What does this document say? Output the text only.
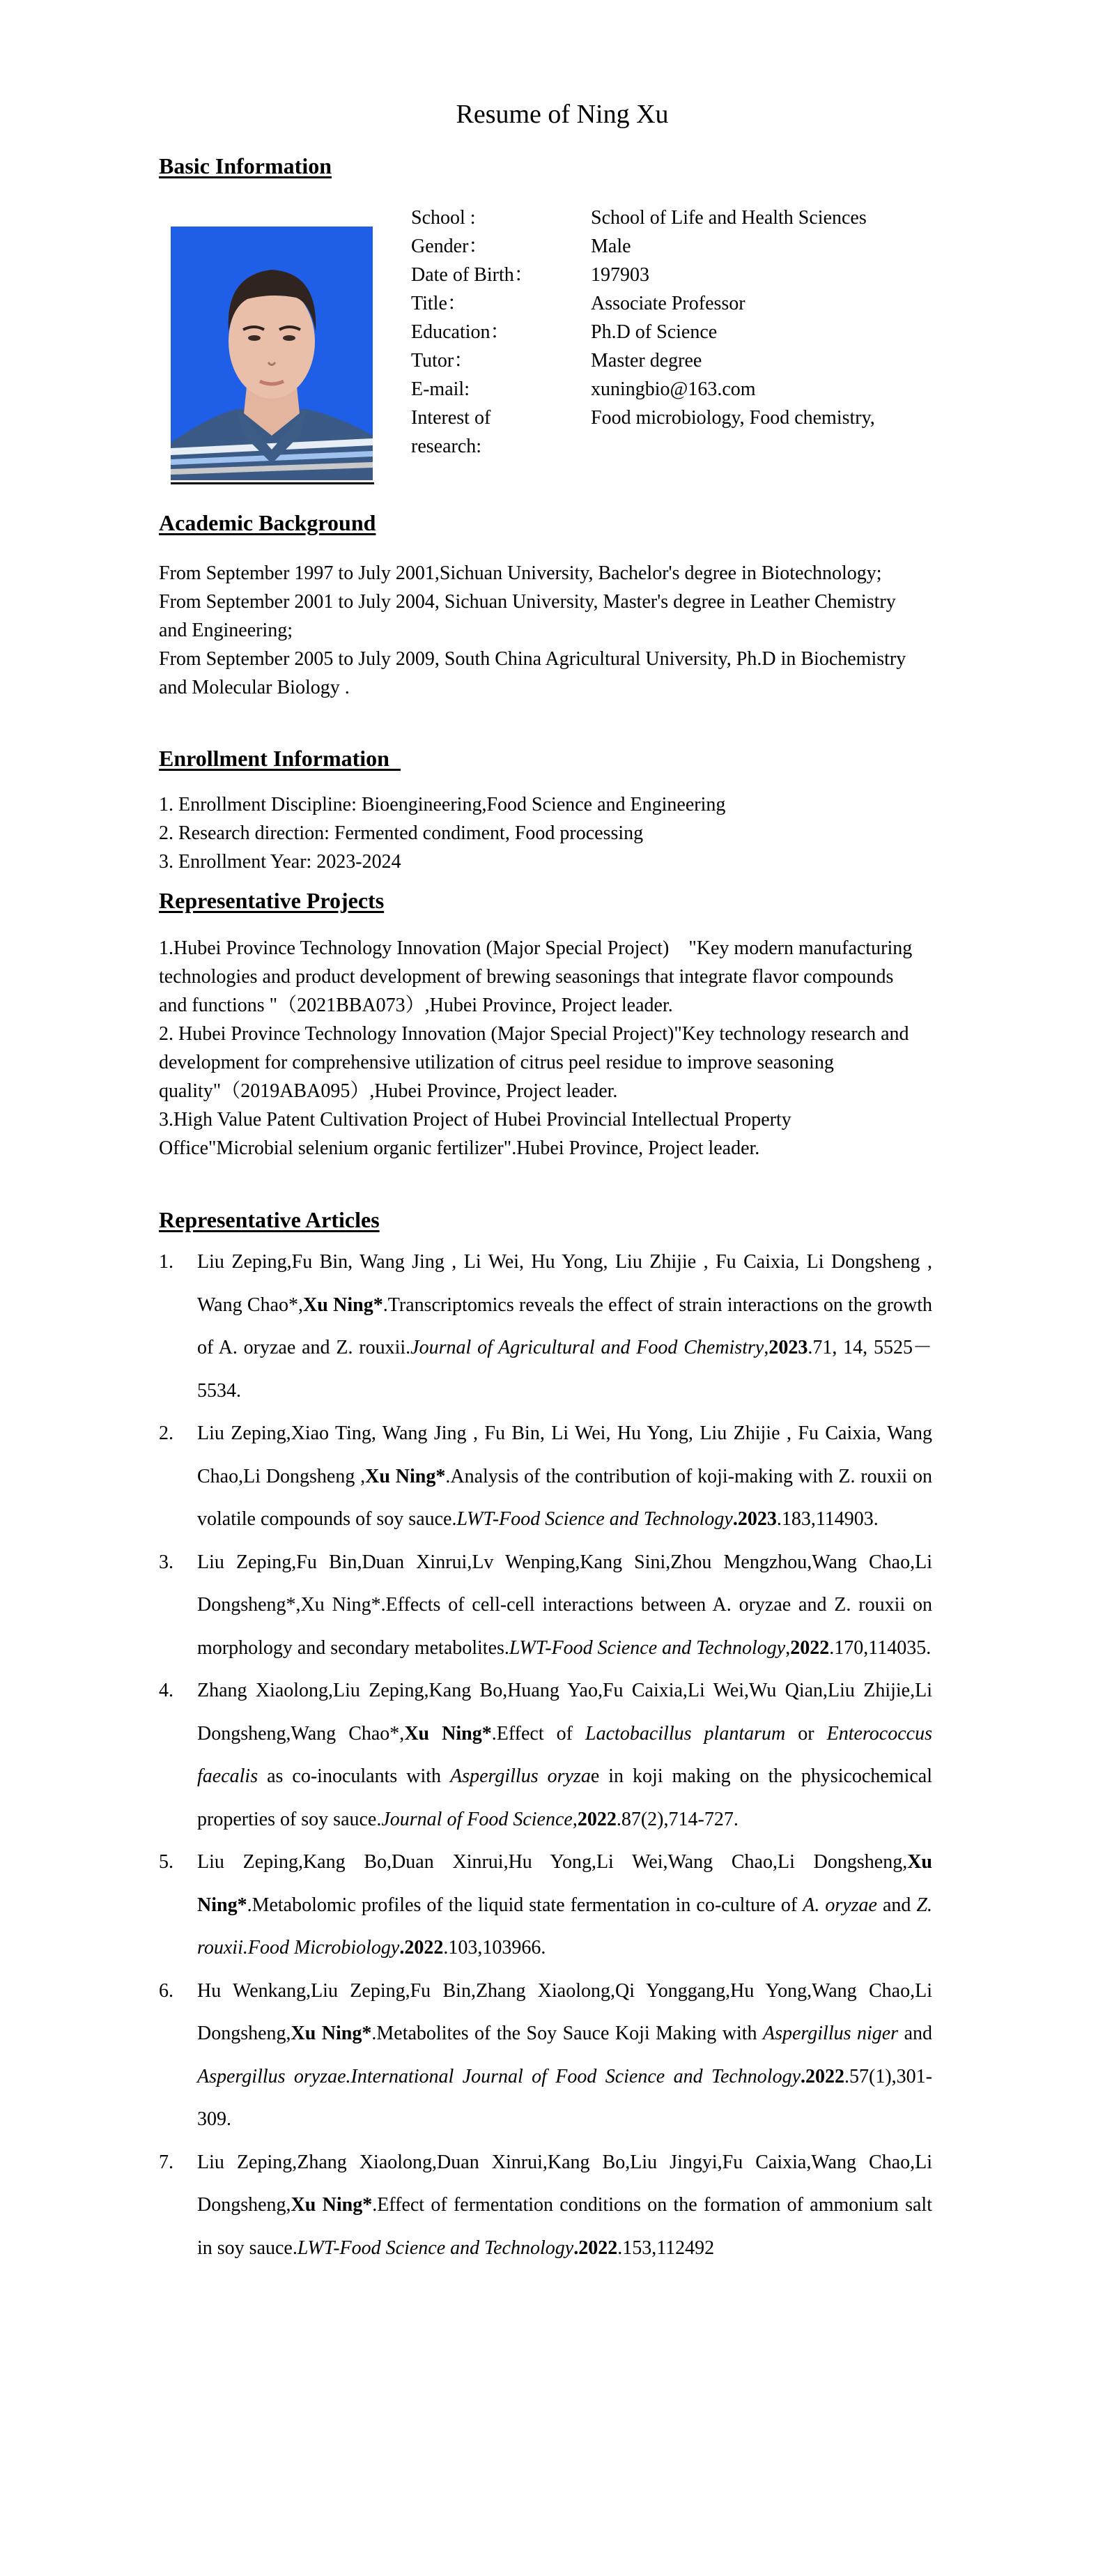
Resume of Ning Xu
Basic Information
School :	School of Life and Health Sciences
Gender：	Male
Date of Birth：	197903
Title：	Associate Professor
Education：	Ph.D of Science
Tutor：	Master degree
E-mail:	xuningbio@163.com
Interest of
research:
Food microbiology, Food chemistry,
Academic Background

From September 1997 to July 2001,Sichuan University, Bachelor's degree in Biotechnology;

From September 2001 to July 2004, Sichuan University, Master's degree in Leather Chemistry and Engineering;

From September 2005 to July 2009, South China Agricultural University, Ph.D in Biochemistry and Molecular Biology .

Enrollment Information

1. Enrollment Discipline: Bioengineering,Food Science and Engineering

2. Research direction: Fermented condiment, Food processing

3. Enrollment Year: 2023-2024

Representative Projects

1.Hubei Province Technology Innovation (Major Special Project)    "Key modern manufacturing technologies and product development of brewing seasonings that integrate flavor compounds and functions "（2021BBA073）,Hubei Province, Project leader.

2. Hubei Province Technology Innovation (Major Special Project)"Key technology research and development for comprehensive utilization of citrus peel residue to improve seasoning quality"（2019ABA095）,Hubei Province, Project leader.

3.High Value Patent Cultivation Project of Hubei Provincial Intellectual Property Office"Microbial selenium organic fertilizer".Hubei Province, Project leader.

Representative Articles
1. Liu Zeping,Fu Bin, Wang Jing , Li Wei, Hu Yong, Liu Zhijie , Fu Caixia, Li Dongsheng , Wang Chao*,Xu Ning*.Transcriptomics reveals the effect of strain interactions on the growth of A. oryzae and Z. rouxii.Journal of Agricultural and Food Chemistry,2023.71, 14, 5525－5534.
2. Liu Zeping,Xiao Ting, Wang Jing , Fu Bin, Li Wei, Hu Yong, Liu Zhijie , Fu Caixia, Wang Chao,Li Dongsheng ,Xu Ning*.Analysis of the contribution of koji-making with Z. rouxii on volatile compounds of soy sauce.LWT-Food Science and Technology.2023.183,114903.
3. Liu Zeping,Fu Bin,Duan Xinrui,Lv Wenping,Kang Sini,Zhou Mengzhou,Wang Chao,Li Dongsheng*,Xu Ning*.Effects of cell-cell interactions between A. oryzae and Z. rouxii on morphology and secondary metabolites.LWT-Food Science and Technology,2022.170,114035.
4. Zhang Xiaolong,Liu Zeping,Kang Bo,Huang Yao,Fu Caixia,Li Wei,Wu Qian,Liu Zhijie,Li Dongsheng,Wang Chao*,Xu Ning*.Effect of Lactobacillus plantarum or Enterococcus faecalis as co-inoculants with Aspergillus oryzae in koji making on the physicochemical properties of soy sauce.Journal of Food Science,2022.87(2),714-727.
5. Liu Zeping,Kang Bo,Duan Xinrui,Hu Yong,Li Wei,Wang Chao,Li Dongsheng,Xu Ning*.Metabolomic profiles of the liquid state fermentation in co-culture of A. oryzae and Z. rouxii.Food Microbiology.2022.103,103966.
6. Hu Wenkang,Liu Zeping,Fu Bin,Zhang Xiaolong,Qi Yonggang,Hu Yong,Wang Chao,Li Dongsheng,Xu Ning*.Metabolites of the Soy Sauce Koji Making with Aspergillus niger and Aspergillus oryzae.International Journal of Food Science and Technology.2022.57(1),301-309.
7. Liu Zeping,Zhang Xiaolong,Duan Xinrui,Kang Bo,Liu Jingyi,Fu Caixia,Wang Chao,Li Dongsheng,Xu Ning*.Effect of fermentation conditions on the formation of ammonium salt in soy sauce.LWT-Food Science and Technology.2022.153,112492
